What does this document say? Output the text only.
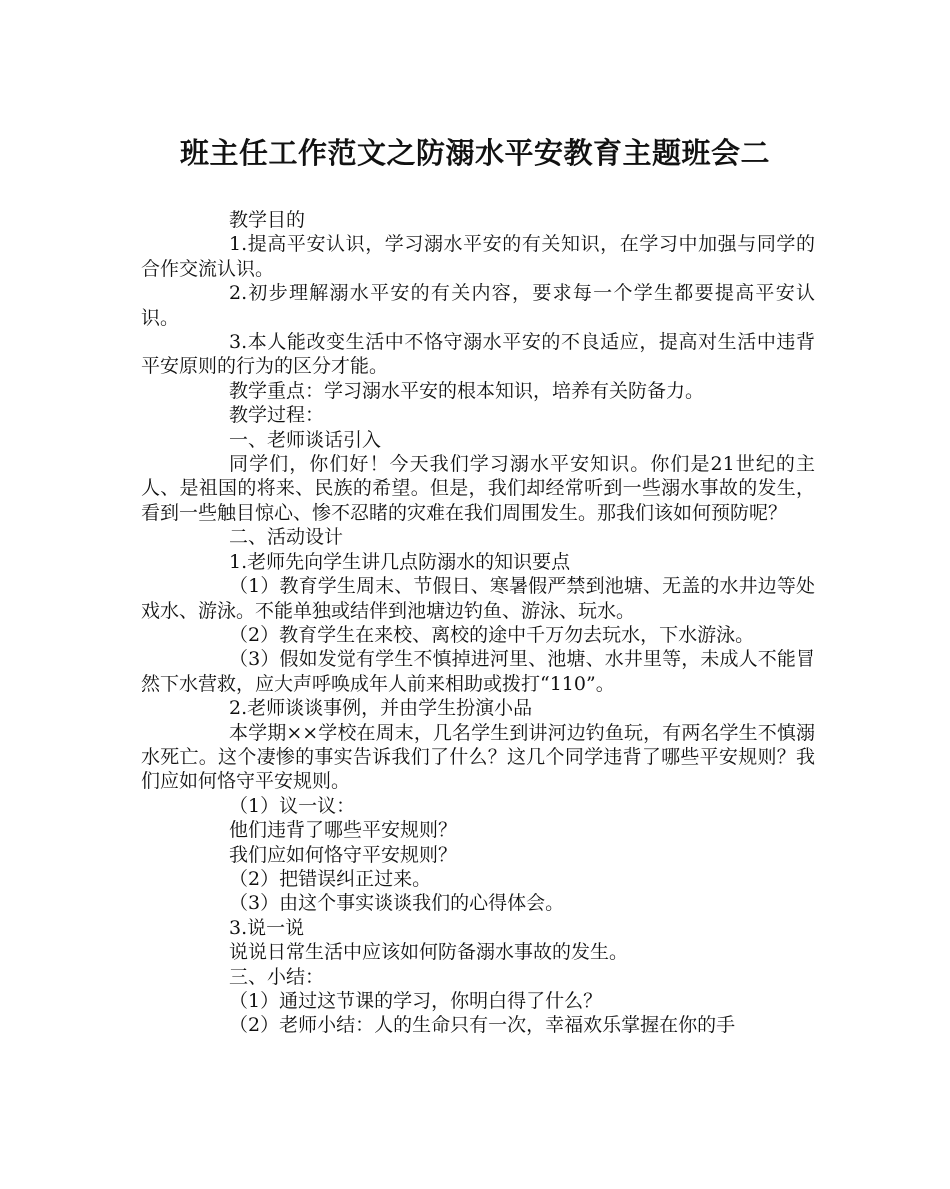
班主任工作范文之防溺水平安教育主题班会二

教学目的

1.提高平安认识，学习溺水平安的有关知识，在学习中加强与同学的合作交流认识。

2.初步理解溺水平安的有关内容，要求每一个学生都要提高平安认识。

3.本人能改变生活中不恪守溺水平安的不良适应，提高对生活中违背平安原则的行为的区分才能。

教学重点：学习溺水平安的根本知识，培养有关防备力。

教学过程：

一、老师谈话引入

同学们，你们好！今天我们学习溺水平安知识。你们是21世纪的主人、是祖国的将来、民族的希望。但是，我们却经常听到一些溺水事故的发生，看到一些触目惊心、惨不忍睹的灾难在我们周围发生。那我们该如何预防呢？

二、活动设计

1.老师先向学生讲几点防溺水的知识要点

（1）教育学生周末、节假日、寒暑假严禁到池塘、无盖的水井边等处戏水、游泳。不能单独或结伴到池塘边钓鱼、游泳、玩水。

（2）教育学生在来校、离校的途中千万勿去玩水，下水游泳。

（3）假如发觉有学生不慎掉进河里、池塘、水井里等，未成人不能冒然下水营救，应大声呼唤成年人前来相助或拨打“110”。

2.老师谈谈事例，并由学生扮演小品

本学期××学校在周末，几名学生到讲河边钓鱼玩，有两名学生不慎溺水死亡。这个凄惨的事实告诉我们了什么？这几个同学违背了哪些平安规则？我们应如何恪守平安规则。

（1）议一议：

他们违背了哪些平安规则？

我们应如何恪守平安规则？

（2）把错误纠正过来。

（3）由这个事实谈谈我们的心得体会。

3.说一说

说说日常生活中应该如何防备溺水事故的发生。

三、小结：

（1）通过这节课的学习，你明白得了什么？

（2）老师小结：人的生命只有一次，幸福欢乐掌握在你的手
